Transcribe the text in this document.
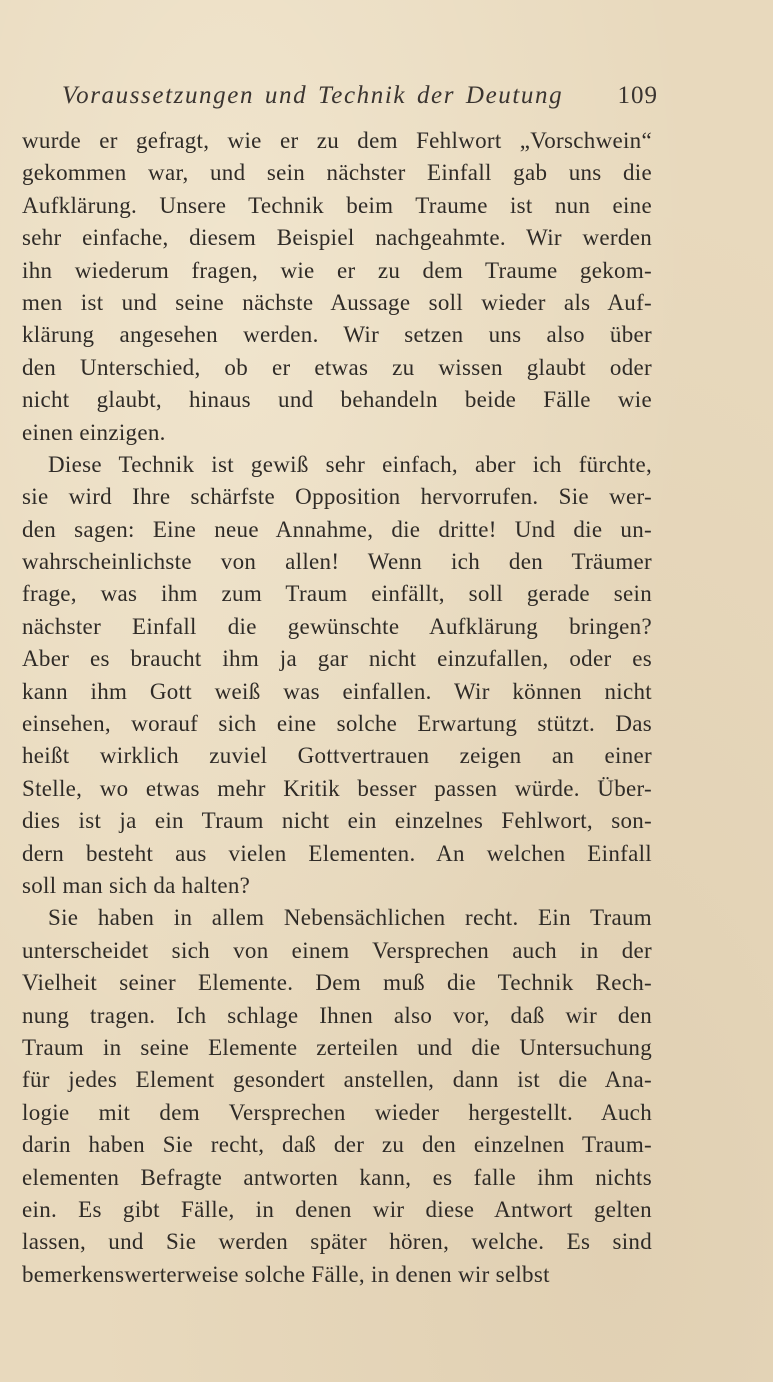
Voraussetzungen und Technik der Deutung 109
wurde er gefragt, wie er zu dem Fehlwort „Vorschwein“
gekommen war, und sein nächster Einfall gab uns die
Aufklärung. Unsere Technik beim Traume ist nun eine
sehr einfache, diesem Beispiel nachgeahmte. Wir werden
ihn wiederum fragen, wie er zu dem Traume gekom-
men ist und seine nächste Aussage soll wieder als Auf-
klärung angesehen werden. Wir setzen uns also über
den Unterschied, ob er etwas zu wissen glaubt oder
nicht glaubt, hinaus und behandeln beide Fälle wie
einen einzigen.
Diese Technik ist gewiß sehr einfach, aber ich fürchte,
sie wird Ihre schärfste Opposition hervorrufen. Sie wer-
den sagen: Eine neue Annahme, die dritte! Und die un-
wahrscheinlichste von allen! Wenn ich den Träumer
frage, was ihm zum Traum einfällt, soll gerade sein
nächster Einfall die gewünschte Aufklärung bringen?
Aber es braucht ihm ja gar nicht einzufallen, oder es
kann ihm Gott weiß was einfallen. Wir können nicht
einsehen, worauf sich eine solche Erwartung stützt. Das
heißt wirklich zuviel Gottvertrauen zeigen an einer
Stelle, wo etwas mehr Kritik besser passen würde. Über-
dies ist ja ein Traum nicht ein einzelnes Fehlwort, son-
dern besteht aus vielen Elementen. An welchen Einfall
soll man sich da halten?
Sie haben in allem Nebensächlichen recht. Ein Traum
unterscheidet sich von einem Versprechen auch in der
Vielheit seiner Elemente. Dem muß die Technik Rech-
nung tragen. Ich schlage Ihnen also vor, daß wir den
Traum in seine Elemente zerteilen und die Untersuchung
für jedes Element gesondert anstellen, dann ist die Ana-
logie mit dem Versprechen wieder hergestellt. Auch
darin haben Sie recht, daß der zu den einzelnen Traum-
elementen Befragte antworten kann, es falle ihm nichts
ein. Es gibt Fälle, in denen wir diese Antwort gelten
lassen, und Sie werden später hören, welche. Es sind
bemerkenswerterweise solche Fälle, in denen wir selbst
